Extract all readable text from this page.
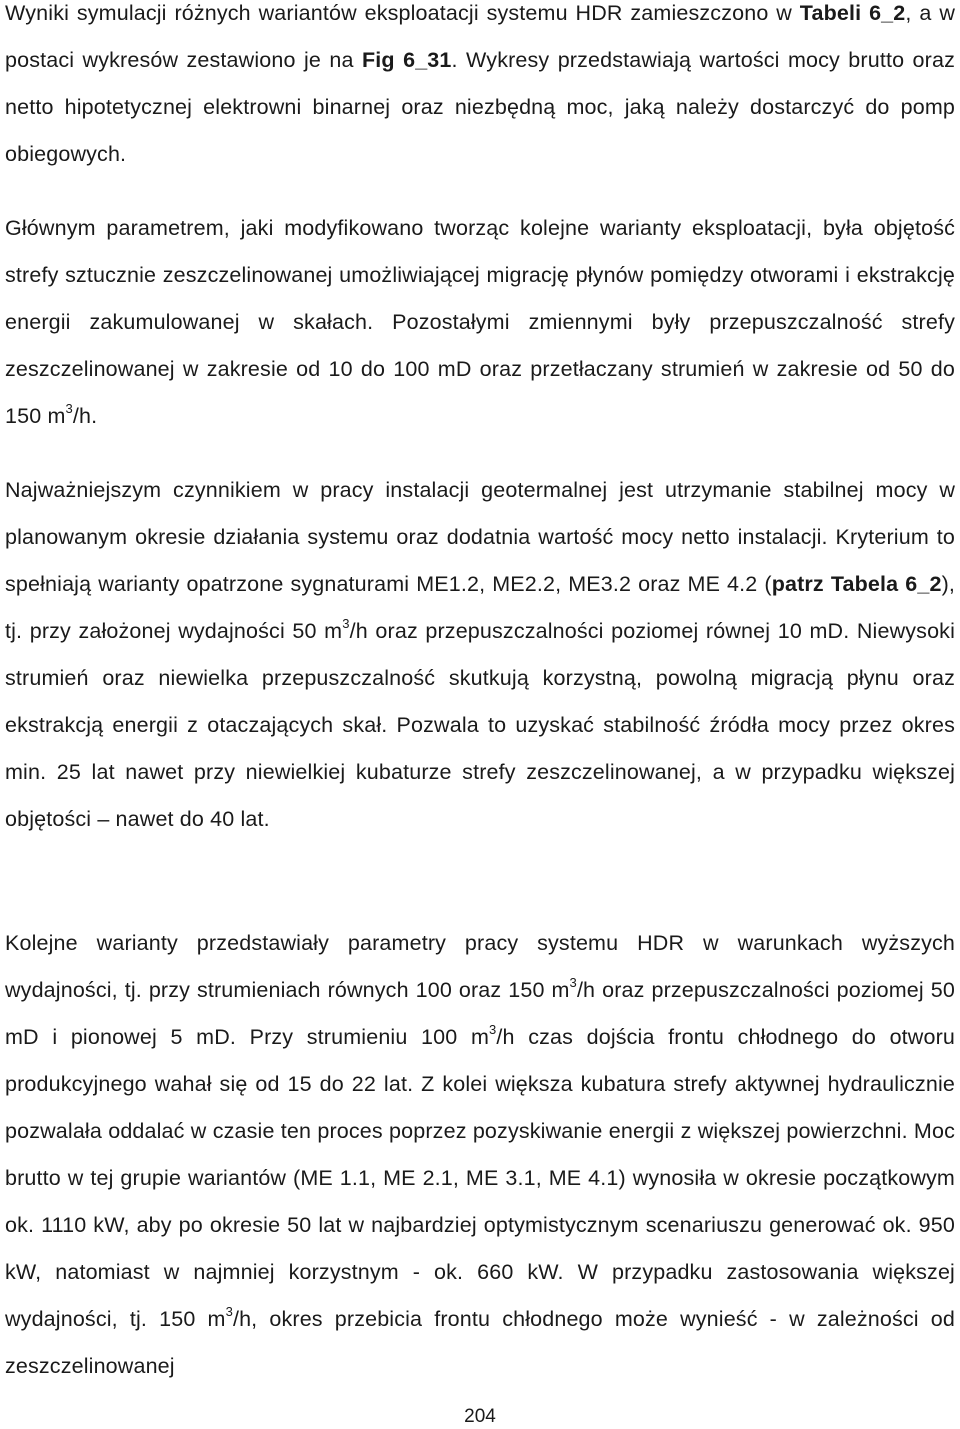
Wyniki symulacji różnych wariantów eksploatacji systemu HDR zamieszczono w Tabeli 6_2, a w postaci wykresów zestawiono je na Fig 6_31. Wykresy przedstawiają wartości mocy brutto oraz netto hipotetycznej elektrowni binarnej oraz niezbędną moc, jaką należy dostarczyć do pomp obiegowych.

Głównym parametrem, jaki modyfikowano tworząc kolejne warianty eksploatacji, była objętość strefy sztucznie zeszczelinowanej umożliwiającej migrację płynów pomiędzy otworami i ekstrakcję energii zakumulowanej w skałach. Pozostałymi zmiennymi były przepuszczalność strefy zeszczelinowanej w zakresie od 10 do 100 mD oraz przetłaczany strumień w zakresie od 50 do 150 $m^3/h$.

Najważniejszym czynnikiem w pracy instalacji geotermalnej jest utrzymanie stabilnej mocy w planowanym okresie działania systemu oraz dodatnia wartość mocy netto instalacji. Kryterium to spełniają warianty opatrzone sygnaturami ME1.2, ME2.2, ME3.2 oraz ME 4.2 (patrz Tabela 6_2), tj. przy założonej wydajności 50 $m^3/h$ oraz przepuszczalności poziomej równej 10 mD. Niewysoki strumień oraz niewielka przepuszczalność skutkują korzystną, powolną migracją płynu oraz ekstrakcją energii z otaczających skał. Pozwala to uzyskać stabilność źródła mocy przez okres min. 25 lat nawet przy niewielkiej kubaturze strefy zeszczelinowanej, a w przypadku większej objętości – nawet do 40 lat.

Kolejne warianty przedstawiały parametry pracy systemu HDR w warunkach wyższych wydajności, tj. przy strumieniach równych 100 oraz 150 $m^3/h$ oraz przepuszczalności poziomej 50 mD i pionowej 5 mD. Przy strumieniu 100 $m^3/h$ czas dojścia frontu chłodnego do otworu produkcyjnego wahał się od 15 do 22 lat. Z kolei większa kubatura strefy aktywnej hydraulicznie pozwalała oddalać w czasie ten proces poprzez pozyskiwanie energii z większej powierzchni. Moc brutto w tej grupie wariantów (ME 1.1, ME 2.1, ME 3.1, ME 4.1) wynosiła w okresie początkowym ok. 1110 kW, aby po okresie 50 lat w najbardziej optymistycznym scenariuszu generować ok. 950 kW, natomiast w najmniej korzystnym - ok. 660 kW. W przypadku zastosowania większej wydajności, tj. 150 $m^3/h$, okres przebicia frontu chłodnego może wynieść - w zależności od zeszczelinowanej

204
